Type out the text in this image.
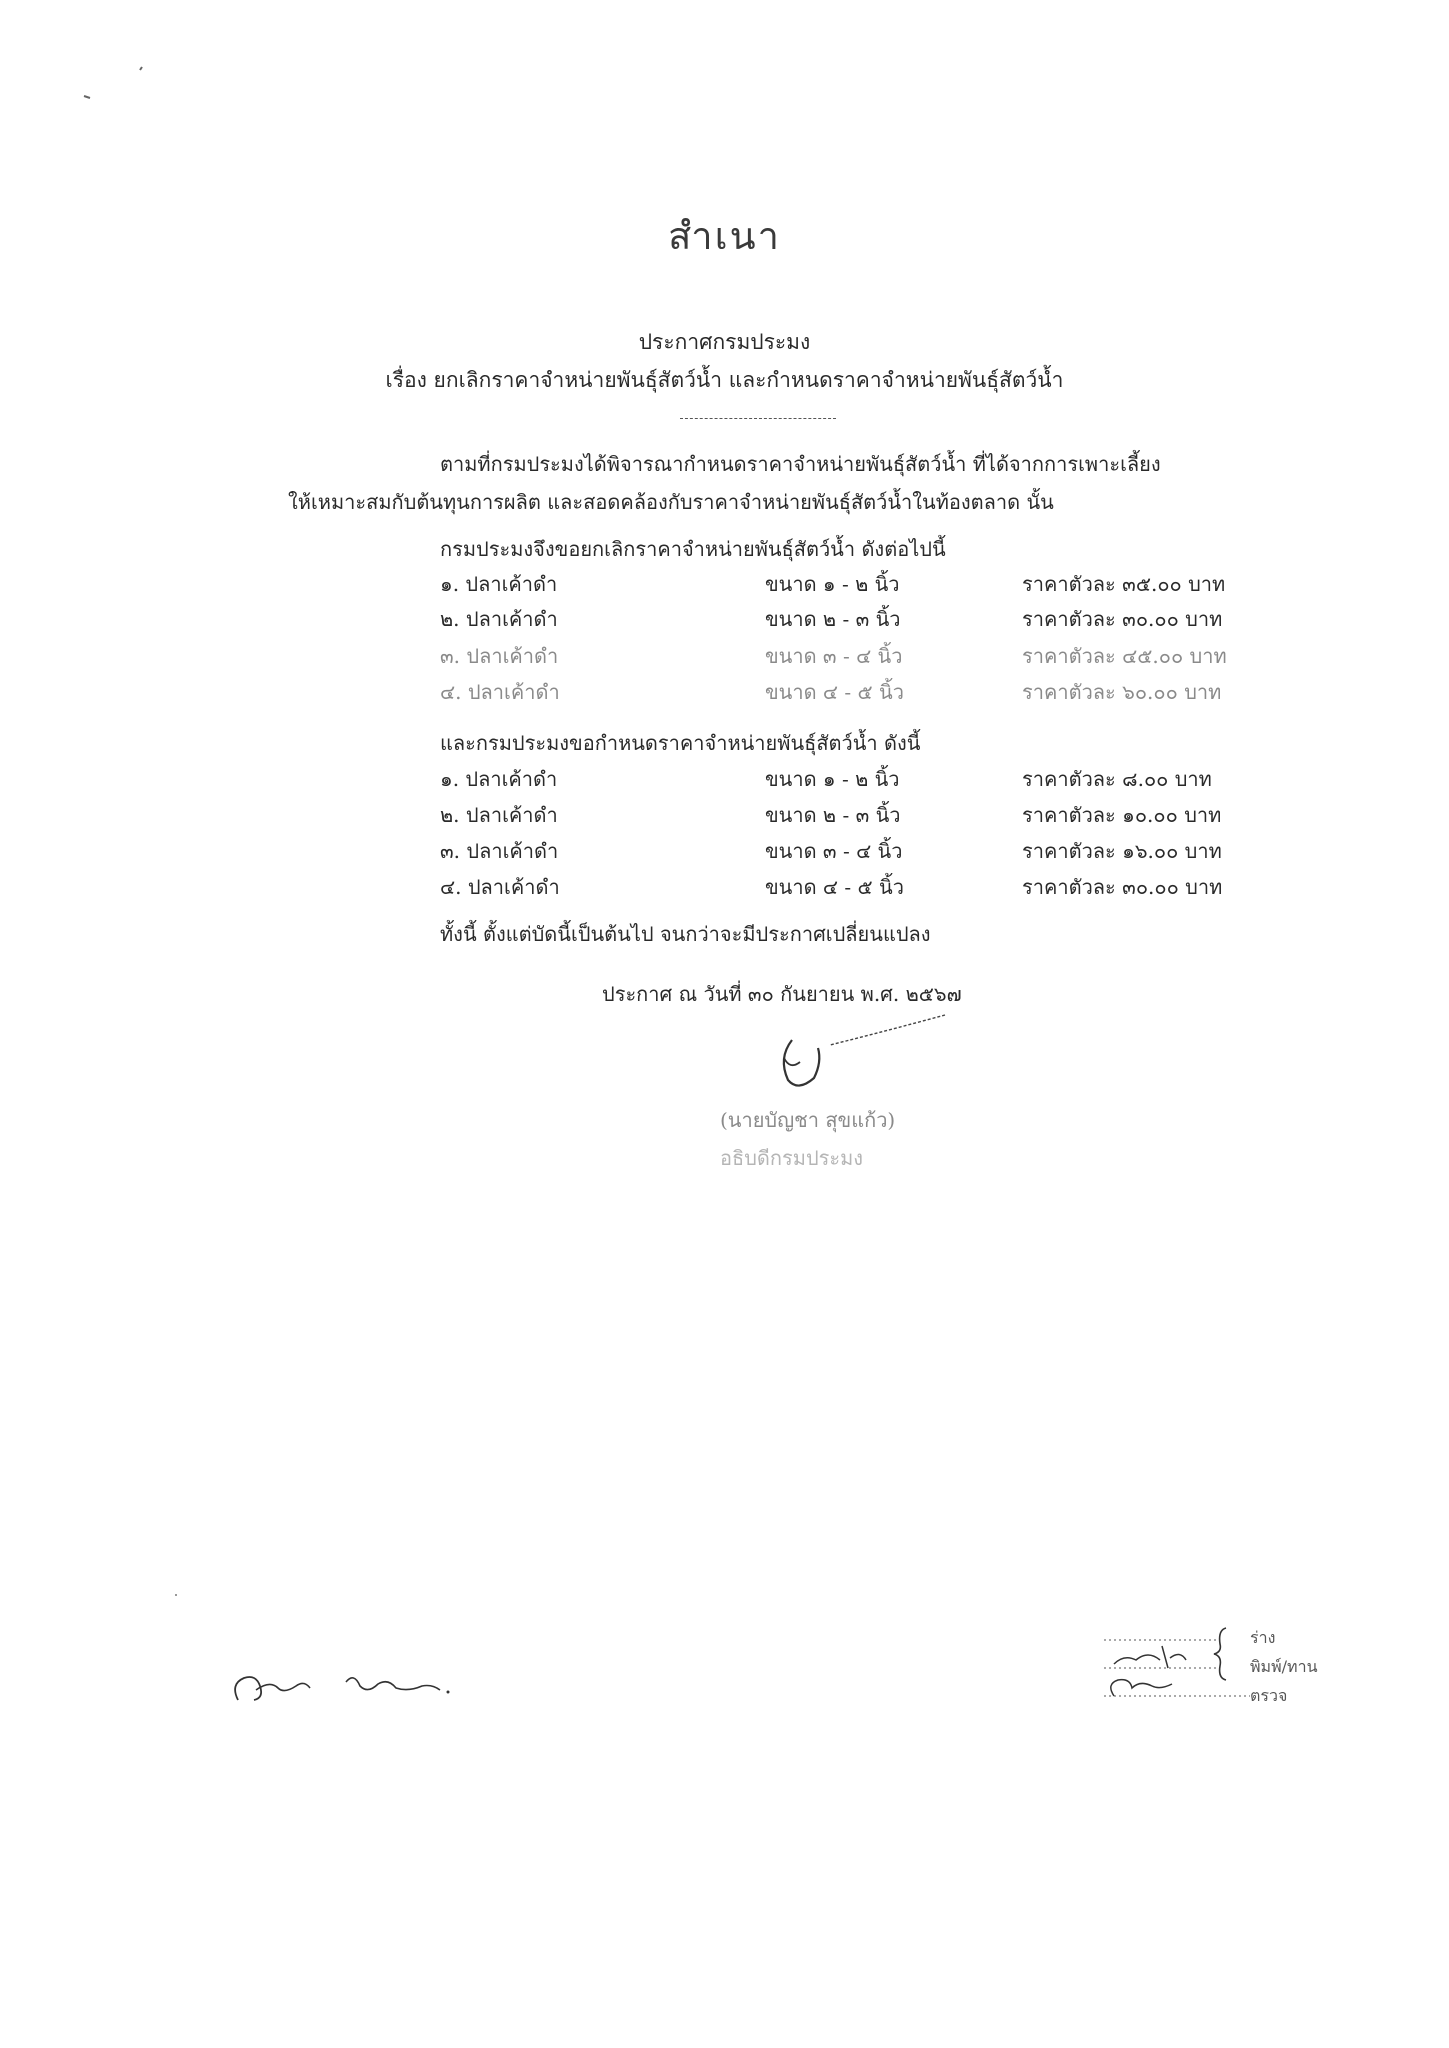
สำเนา
ประกาศกรมประมง
เรื่อง ยกเลิกราคาจำหน่ายพันธุ์สัตว์น้ำ และกำหนดราคาจำหน่ายพันธุ์สัตว์น้ำ
ตามที่กรมประมงได้พิจารณากำหนดราคาจำหน่ายพันธุ์สัตว์น้ำ ที่ได้จากการเพาะเลี้ยง
ให้เหมาะสมกับต้นทุนการผลิต และสอดคล้องกับราคาจำหน่ายพันธุ์สัตว์น้ำในท้องตลาด นั้น
กรมประมงจึงขอยกเลิกราคาจำหน่ายพันธุ์สัตว์น้ำ ดังต่อไปนี้
๑. ปลาเค้าดำ	ขนาด ๑ - ๒ นิ้ว	ราคาตัวละ ๓๕.๐๐ บาท
๒. ปลาเค้าดำ	ขนาด ๒ - ๓ นิ้ว	ราคาตัวละ ๓๐.๐๐ บาท
๓. ปลาเค้าดำ	ขนาด ๓ - ๔ นิ้ว	ราคาตัวละ ๔๕.๐๐ บาท
๔. ปลาเค้าดำ	ขนาด ๔ - ๕ นิ้ว	ราคาตัวละ ๖๐.๐๐ บาท
และกรมประมงขอกำหนดราคาจำหน่ายพันธุ์สัตว์น้ำ ดังนี้
๑. ปลาเค้าดำ	ขนาด ๑ - ๒ นิ้ว	ราคาตัวละ ๘.๐๐ บาท
๒. ปลาเค้าดำ	ขนาด ๒ - ๓ นิ้ว	ราคาตัวละ ๑๐.๐๐ บาท
๓. ปลาเค้าดำ	ขนาด ๓ - ๔ นิ้ว	ราคาตัวละ ๑๖.๐๐ บาท
๔. ปลาเค้าดำ	ขนาด ๔ - ๕ นิ้ว	ราคาตัวละ ๓๐.๐๐ บาท
ทั้งนี้ ตั้งแต่บัดนี้เป็นต้นไป จนกว่าจะมีประกาศเปลี่ยนแปลง
ประกาศ ณ วันที่ ๓๐ กันยายน พ.ศ. ๒๕๖๗
(นายบัญชา สุขแก้ว)
อธิบดีกรมประมง
ร่าง
พิมพ์/ทาน
ตรวจ
